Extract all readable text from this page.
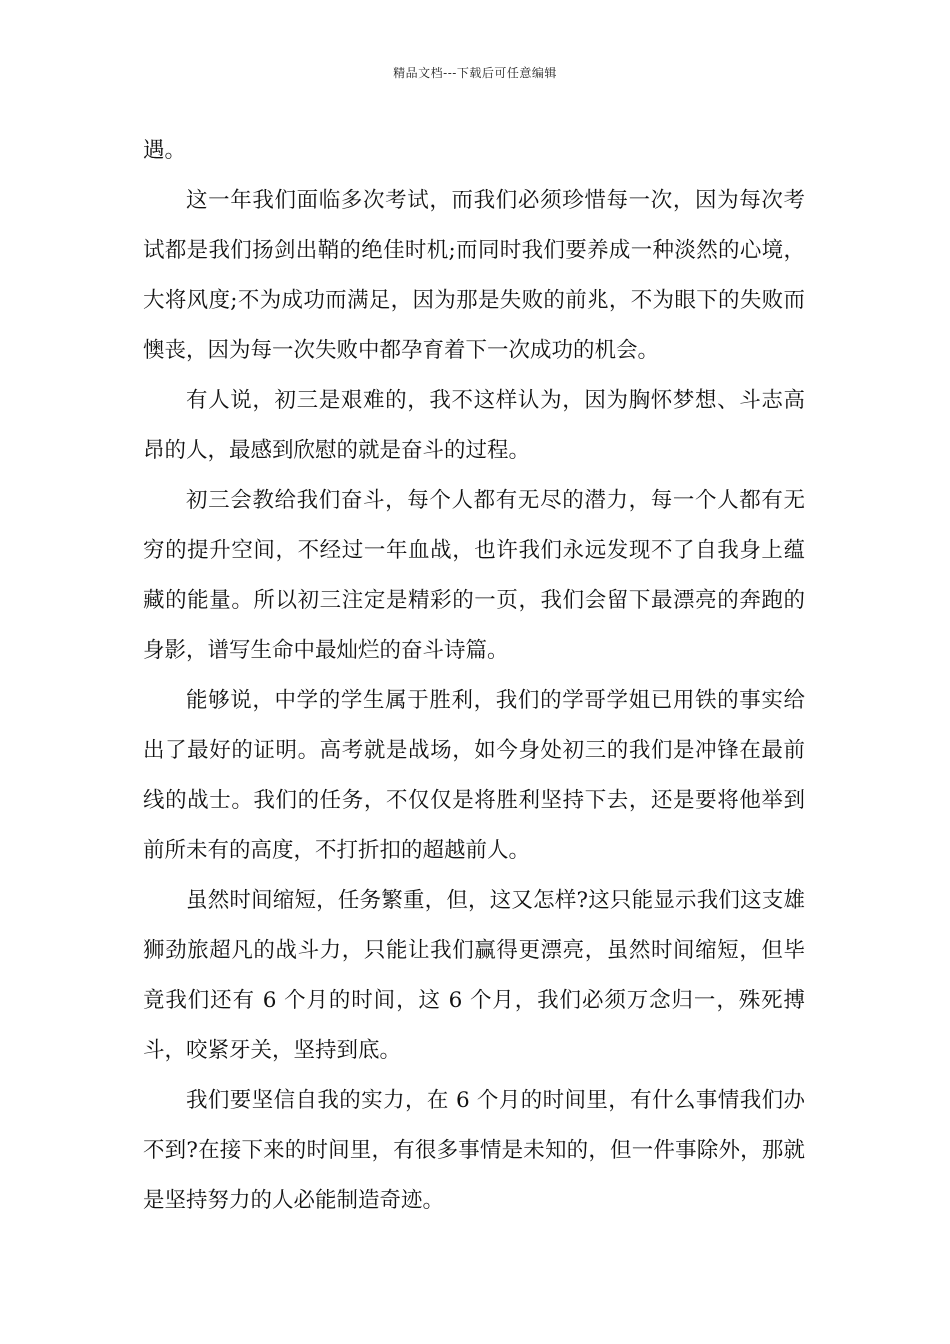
精品文档---下载后可任意编辑

遇。

这一年我们面临多次考试，而我们必须珍惜每一次，因为每次考试都是我们扬剑出鞘的绝佳时机;而同时我们要养成一种淡然的心境，大将风度;不为成功而满足，因为那是失败的前兆，不为眼下的失败而懊丧，因为每一次失败中都孕育着下一次成功的机会。

有人说，初三是艰难的，我不这样认为，因为胸怀梦想、斗志高昂的人，最感到欣慰的就是奋斗的过程。

初三会教给我们奋斗，每个人都有无尽的潜力，每一个人都有无穷的提升空间，不经过一年血战，也许我们永远发现不了自我身上蕴藏的能量。所以初三注定是精彩的一页，我们会留下最漂亮的奔跑的身影，谱写生命中最灿烂的奋斗诗篇。

能够说，中学的学生属于胜利，我们的学哥学姐已用铁的事实给出了最好的证明。高考就是战场，如今身处初三的我们是冲锋在最前线的战士。我们的任务，不仅仅是将胜利坚持下去，还是要将他举到前所未有的高度，不打折扣的超越前人。

虽然时间缩短，任务繁重，但，这又怎样?这只能显示我们这支雄狮劲旅超凡的战斗力，只能让我们赢得更漂亮，虽然时间缩短，但毕竟我们还有 6 个月的时间，这 6 个月，我们必须万念归一，殊死搏斗，咬紧牙关，坚持到底。

我们要坚信自我的实力，在 6 个月的时间里，有什么事情我们办不到?在接下来的时间里，有很多事情是未知的，但一件事除外，那就是坚持努力的人必能制造奇迹。
